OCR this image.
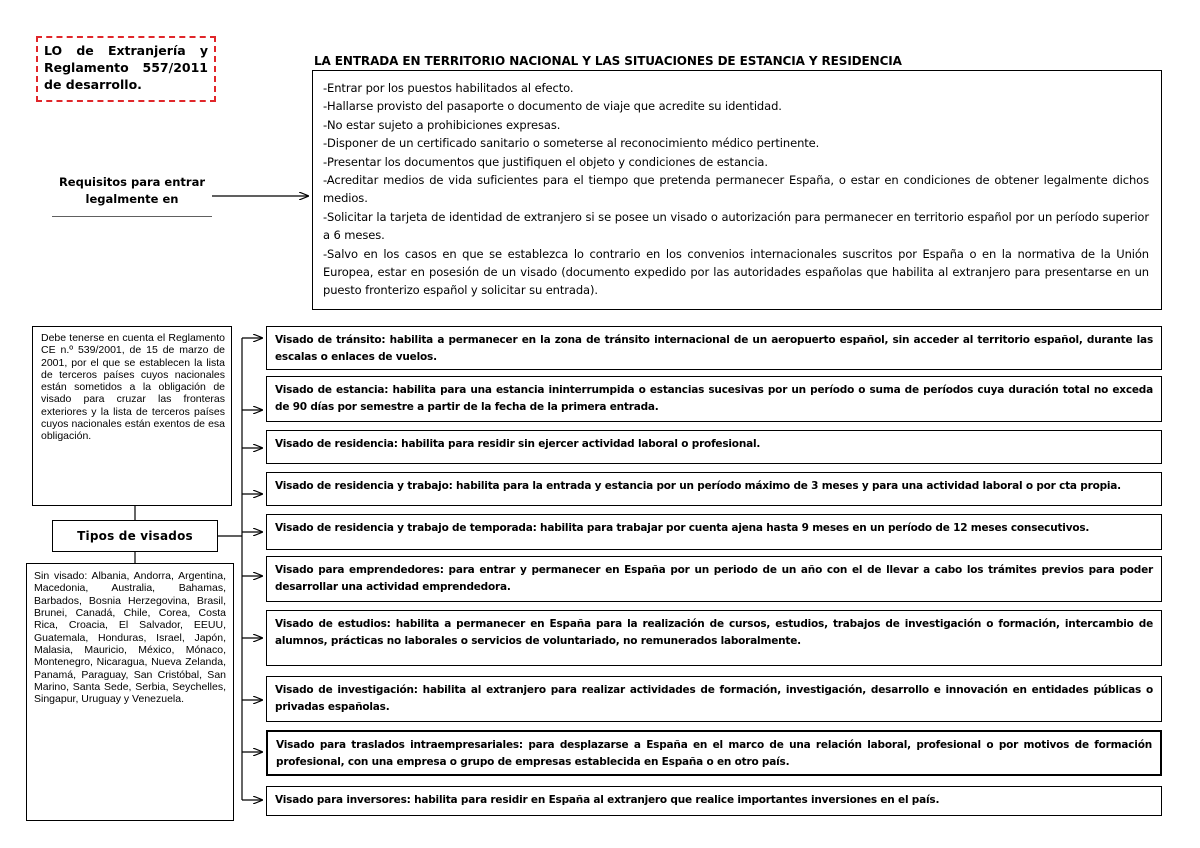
LO de Extranjería y Reglamento 557/2011 de desarrollo.
LA ENTRADA EN TERRITORIO NACIONAL Y LAS SITUACIONES DE ESTANCIA Y RESIDENCIA
-Entrar por los puestos habilitados al efecto.
-Hallarse provisto del pasaporte o documento de viaje que acredite su identidad.
-No estar sujeto a prohibiciones expresas.
-Disponer de un certificado sanitario o someterse al reconocimiento médico pertinente.
-Presentar los documentos que justifiquen el objeto y condiciones de estancia.
-Acreditar medios de vida suficientes para el tiempo que pretenda permanecer España, o estar en condiciones de obtener legalmente dichos medios.
-Solicitar la tarjeta de identidad de extranjero si se posee un visado o autorización para permanecer en territorio español por un período superior a 6 meses.
-Salvo en los casos en que se establezca lo contrario en los convenios internacionales suscritos por España o en la normativa de la Unión Europea, estar en posesión de un visado (documento expedido por las autoridades españolas que habilita al extranjero para presentarse en un puesto fronterizo español y solicitar su entrada).
Requisitos para entrar legalmente en
Debe tenerse en cuenta el Reglamento CE n.º 539/2001, de 15 de marzo de 2001, por el que se establecen la lista de terceros países cuyos nacionales están sometidos a la obligación de visado para cruzar las fronteras exteriores y la lista de terceros países cuyos nacionales están exentos de esa obligación.
Tipos de visados
Sin visado: Albania, Andorra, Argentina, Macedonia, Australia, Bahamas, Barbados, Bosnia Herzegovina, Brasil, Brunei, Canadá, Chile, Corea, Costa Rica, Croacia, El Salvador, EEUU, Guatemala, Honduras, Israel, Japón, Malasia, Mauricio, México, Mónaco, Montenegro, Nicaragua, Nueva Zelanda, Panamá, Paraguay, San Cristóbal, San Marino, Santa Sede, Serbia, Seychelles, Singapur, Uruguay y Venezuela.
Visado de tránsito: habilita a permanecer en la zona de tránsito internacional de un aeropuerto español, sin acceder al territorio español, durante las escalas o enlaces de vuelos.
Visado de estancia: habilita para una estancia ininterrumpida o estancias sucesivas por un período o suma de períodos cuya duración total no exceda de 90 días por semestre a partir de la fecha de la primera entrada.
Visado de residencia: habilita para residir sin ejercer actividad laboral o profesional.
Visado de residencia y trabajo: habilita para la entrada y estancia por un período máximo de 3 meses y para una actividad laboral o por cta propia.
Visado de residencia y trabajo de temporada: habilita para trabajar por cuenta ajena hasta 9 meses en un período de 12 meses consecutivos.
Visado para emprendedores: para entrar y permanecer en España por un periodo de un año con el de llevar a cabo los trámites previos para poder desarrollar una actividad emprendedora.
Visado de estudios: habilita a permanecer en España para la realización de cursos, estudios, trabajos de investigación o formación, intercambio de alumnos, prácticas no laborales o servicios de voluntariado, no remunerados laboralmente.
Visado de investigación: habilita al extranjero para realizar actividades de formación, investigación, desarrollo e innovación en entidades públicas o privadas españolas.
Visado para traslados intraempresariales: para desplazarse a España en el marco de una relación laboral, profesional o por motivos de formación profesional, con una empresa o grupo de empresas establecida en España o en otro país.
Visado para inversores: habilita para residir en España al extranjero que realice importantes inversiones en el país.
